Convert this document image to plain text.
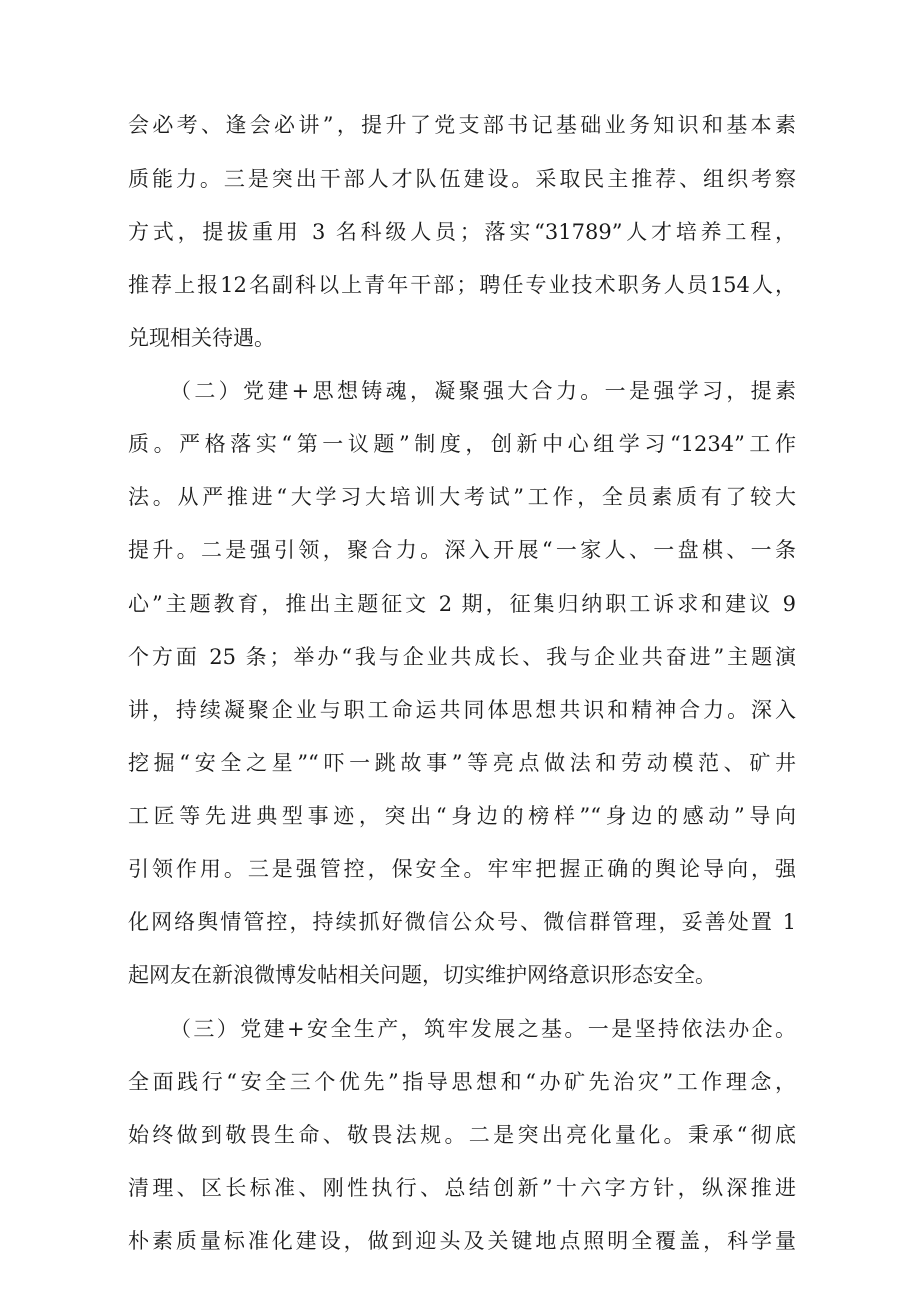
会必考、逢会必讲”，提升了党支部书记基础业务知识和基本素
质能力。三是突出干部人才队伍建设。采取民主推荐、组织考察
方式，提拔重用 3 名科级人员；落实“31789”人才培养工程，
推荐上报12名副科以上青年干部；聘任专业技术职务人员154人，
兑现相关待遇。
（二）党建+思想铸魂，凝聚强大合力。一是强学习，提素
质。严格落实“第一议题”制度，创新中心组学习“1234”工作
法。从严推进“大学习大培训大考试”工作，全员素质有了较大
提升。二是强引领，聚合力。深入开展“一家人、一盘棋、一条
心”主题教育，推出主题征文 2 期，征集归纳职工诉求和建议 9
个方面 25 条；举办“我与企业共成长、我与企业共奋进”主题演
讲，持续凝聚企业与职工命运共同体思想共识和精神合力。深入
挖掘“安全之星”“吓一跳故事”等亮点做法和劳动模范、矿井
工匠等先进典型事迹，突出“身边的榜样”“身边的感动”导向
引领作用。三是强管控，保安全。牢牢把握正确的舆论导向，强
化网络舆情管控，持续抓好微信公众号、微信群管理，妥善处置 1
起网友在新浪微博发帖相关问题，切实维护网络意识形态安全。
（三）党建+安全生产，筑牢发展之基。一是坚持依法办企。
全面践行“安全三个优先”指导思想和“办矿先治灾”工作理念，
始终做到敬畏生命、敬畏法规。二是突出亮化量化。秉承“彻底
清理、区长标准、刚性执行、总结创新”十六字方针，纵深推进
朴素质量标准化建设，做到迎头及关键地点照明全覆盖，科学量
